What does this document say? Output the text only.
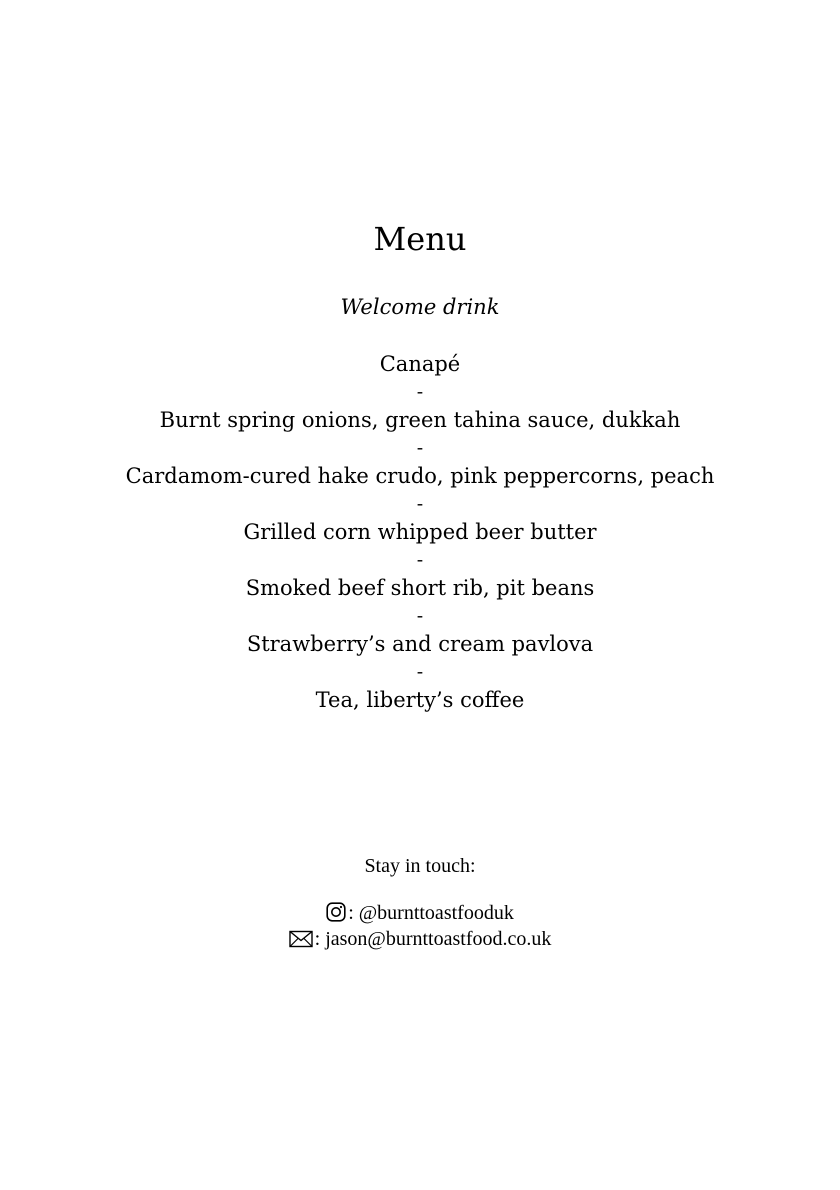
Menu
Welcome drink
Canapé
-
Burnt spring onions, green tahina sauce, dukkah
-
Cardamom-cured hake crudo, pink peppercorns, peach
-
Grilled corn whipped beer butter
-
Smoked beef short rib, pit beans
-
Strawberry’s and cream pavlova
-
Tea, liberty’s coffee
Stay in touch:
: @burnttoastfooduk
: jason@burnttoastfood.co.uk
